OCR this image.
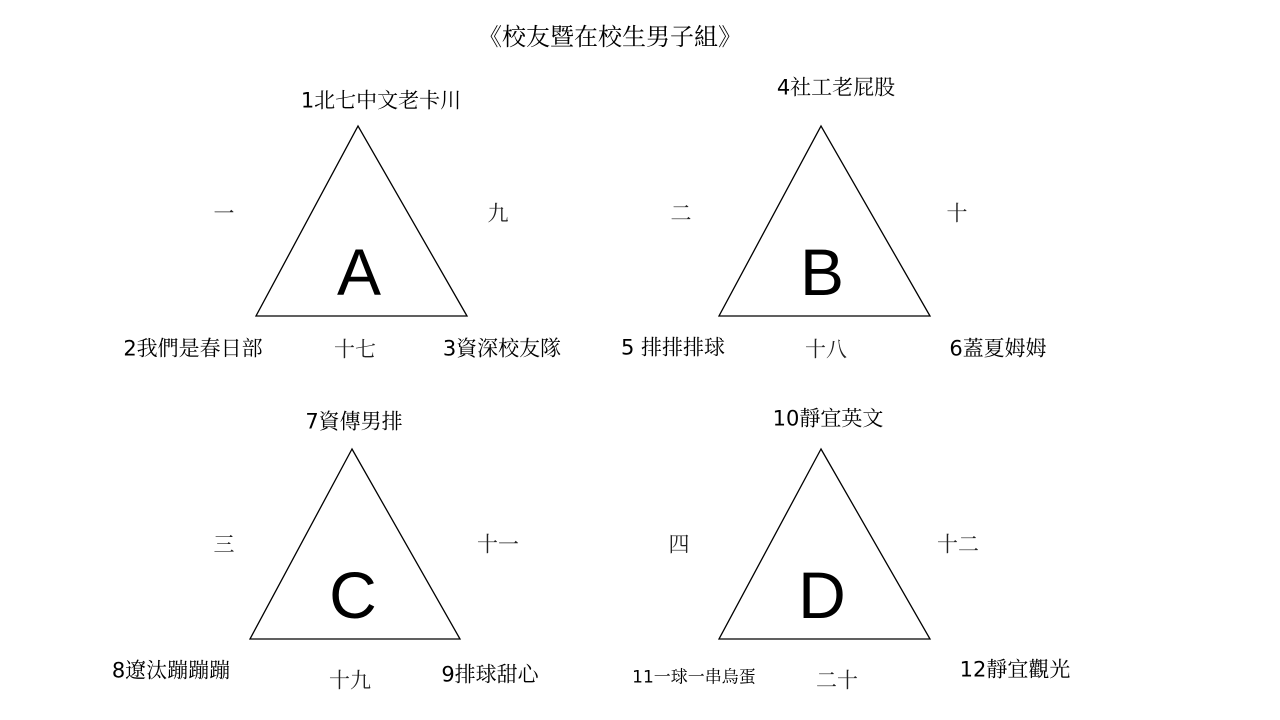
《校友暨在校生男子組》
A
1北七中文老卡川
2我們是春日部	3資深校友隊
一	九
十七
B
4社工老屁股
5 排排排球	6蓋夏姆姆
二	十
十八
C
7資傳男排
8遼汰蹦蹦蹦	9排球甜心
三	十一
十九
D
10靜宜英文
11一球一串烏蛋	12靜宜觀光
四	十二
二十
